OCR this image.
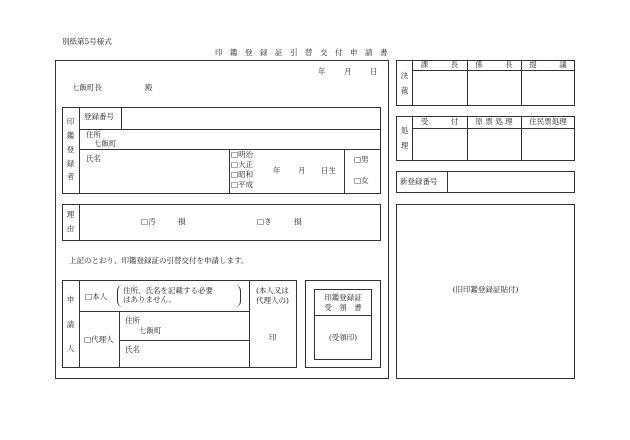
別紙第5号様式
印　鑑　登　録　証　引　替　交　付　申　請　書
年 月 日
七飯町長	殿
印
鑑
登
録
者
登録番号
住所
七飯町
氏名	□ 明治
□ 大正
□ 昭和
□ 平成
年 月 日生
□ 男
□ 女
理
由
□ 汚　　　損	□ き　　　損
上記のとおり、印鑑登録証の引替交付を申請します。
申
請
人
□ 本人
住所、氏名を記載する必要
はありません。
□ 代理人
住所
七飯町
氏名
(本人又は
代理人の)
印
印鑑登録証
受　領　書
(受領印)
決
裁
課　　　長	係　　　長	提　　　議
処
理
受　　　付	原 票 処 理	住民票処理
新登録番号
(旧印鑑登録証貼付)
